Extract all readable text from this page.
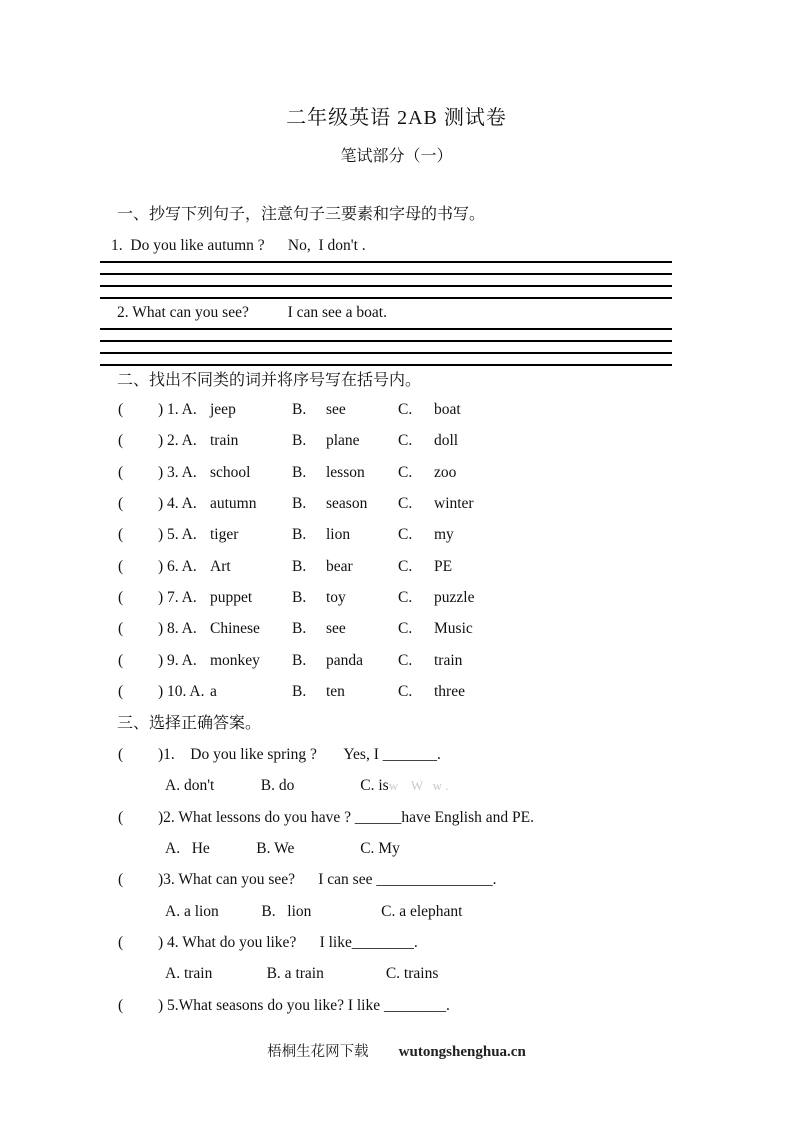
二年级英语 2AB 测试卷
笔试部分（一）
一、抄写下列句子，注意句子三要素和字母的书写。
1.  Do you like autumn ?      No,  I don't .
2. What can you see?          I can see a boat.
二、找出不同类的词并将序号写在括号内。
(	) 1. A. jeep	B.	see	C.	boat
(	) 2. A. train	B.	plane	C.	doll
(	) 3. A. school	B.	lesson	C.	zoo
(	) 4. A. autumn	B.	season	C.	winter
(	) 5. A. tiger	B.	lion	C.	my
(	) 6. A. Art	B.	bear	C.	PE
(	) 7. A. puppet	B.	toy	C.	puzzle
(	) 8. A. Chinese	B.	see	C.	Music
(	) 9. A. monkey	B.	panda	C.	train
(	) 10. A. a	B.	ten	C.	three
三、选择正确答案。
( )1.    Do you like spring ?       Yes, I _______.
A. don't            B. do                 C. isw    W   w .
( )2. What lessons do you have ? ______have English and PE.
A.   He            B. We                 C. My
( )3. What can you see?      I can see _______________.
A. a lion           B.   lion                  C. a elephant
( ) 4. What do you like?      I like________.
A. train              B. a train                C. trains
( ) 5.What seasons do you like? I like ________.
梧桐生花网下载 wutongshenghua.cn
